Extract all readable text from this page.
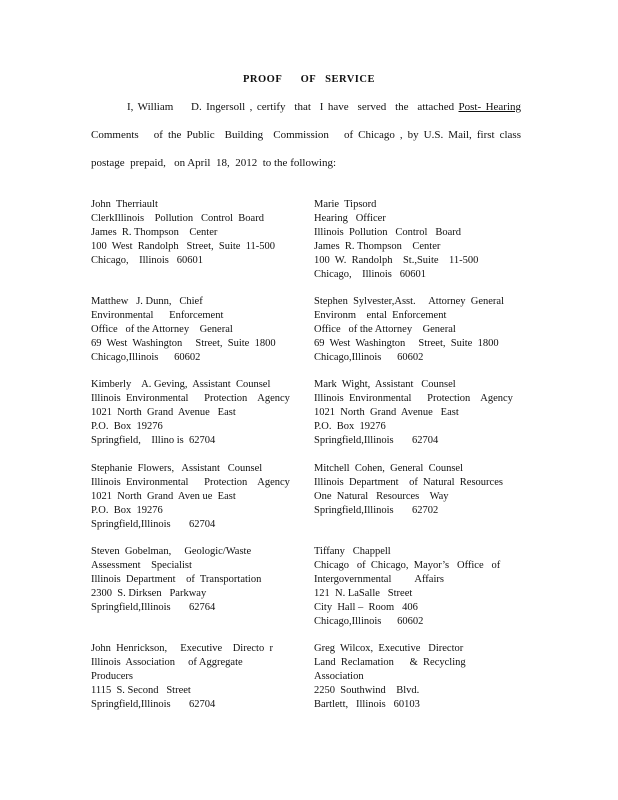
PROOF      OF   SERVICE
I, William    D. Ingersoll , certify  that  I have  served  the  attached Post- Hearing
Comments   of the Public  Building  Commission   of Chicago , by U.S. Mail, first class
postage  prepaid,   on April  18,  2012  to the following:
John  Therriault
ClerkIllinois    Pollution   Control  Board
James  R. Thompson    Center
100  West  Randolph   Street,  Suite  11-500
Chicago,    Illinois   60601
Marie  Tipsord
Hearing   Officer
Illinois  Pollution   Control   Board
James  R. Thompson    Center
100  W.  Randolph    St.,Suite    11-500
Chicago,    Illinois   60601
Matthew   J. Dunn,   Chief
Environmental      Enforcement
Office   of the Attorney    General
69  West  Washington     Street,  Suite  1800
Chicago,Illinois      60602
Stephen  Sylvester,Asst.     Attorney  General
Environm    ental  Enforcement
Office   of the Attorney    General
69  West  Washington     Street,  Suite  1800
Chicago,Illinois      60602
Kimberly    A. Geving,  Assistant  Counsel
Illinois  Environmental      Protection    Agency
1021  North  Grand  Avenue   East
P.O.  Box  19276
Springfield,    Illino is  62704
Mark  Wight,  Assistant   Counsel
Illinois  Environmental      Protection    Agency
1021  North  Grand  Avenue   East
P.O.  Box  19276
Springfield,Illinois       62704
Stephanie  Flowers,   Assistant   Counsel
Illinois  Environmental      Protection    Agency
1021  North  Grand  Aven ue  East
P.O.  Box  19276
Springfield,Illinois       62704
Mitchell  Cohen,  General  Counsel
Illinois  Department    of  Natural  Resources
One  Natural   Resources    Way
Springfield,Illinois       62702
Steven  Gobelman,     Geologic/Waste
Assessment    Specialist
Illinois  Department    of  Transportation
2300  S. Dirksen   Parkway
Springfield,Illinois       62764
Tiffany   Chappell
Chicago   of  Chicago,  Mayor’s   Office   of
Intergovernmental         Affairs
121  N. LaSalle   Street
City  Hall –  Room   406
Chicago,Illinois      60602
John  Henrickson,     Executive    Directo  r
Illinois  Association     of Aggregate
Producers
1115  S. Second   Street
Springfield,Illinois       62704
Greg  Wilcox,  Executive   Director
Land  Reclamation      &  Recycling
Association
2250  Southwind    Blvd.
Bartlett,   Illinois   60103
